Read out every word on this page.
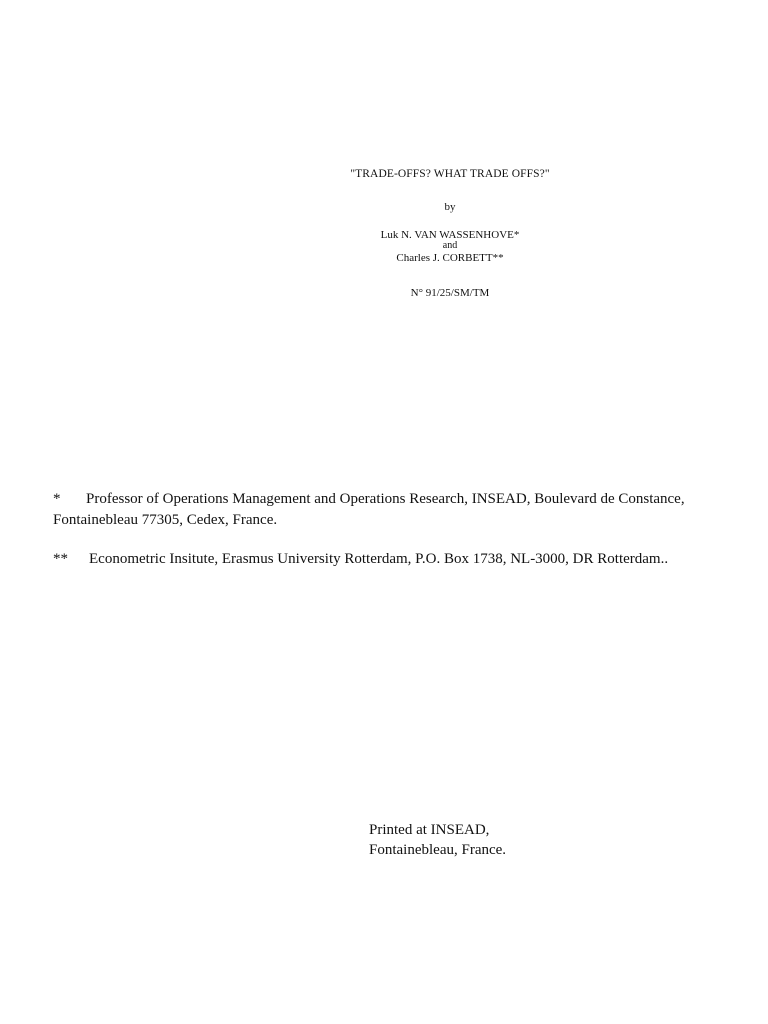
"TRADE-OFFS? WHAT TRADE OFFS?"
by
Luk N. VAN WASSENHOVE*
and
Charles J. CORBETT**
N° 91/25/SM/TM
* Professor of Operations Management and Operations Research, INSEAD, Boulevard de Constance,
Fontainebleau 77305, Cedex, France.
** Econometric Insitute, Erasmus University Rotterdam, P.O. Box 1738, NL-3000, DR Rotterdam..
Printed at INSEAD,
Fontainebleau, France.
